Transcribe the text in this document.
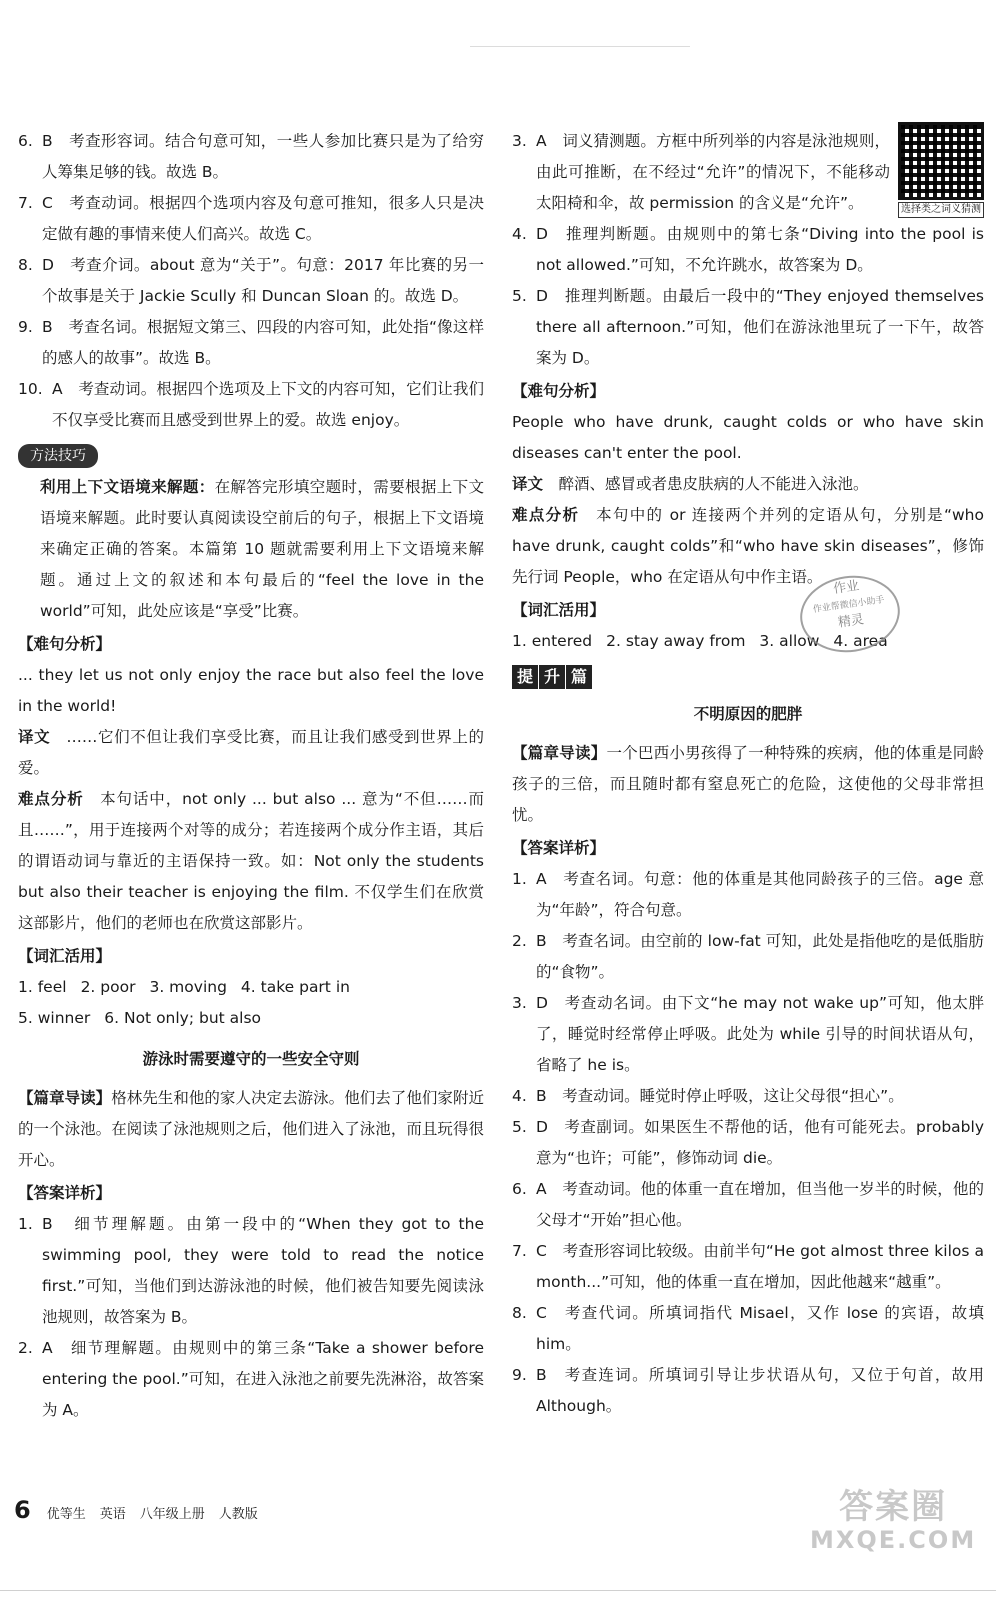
6. B　考查形容词。结合句意可知，一些人参加比赛只是为了给穷人筹集足够的钱。故选 B。
7. C　考查动词。根据四个选项内容及句意可推知，很多人只是决定做有趣的事情来使人们高兴。故选 C。
8. D　考查介词。about 意为“关于”。句意：2017 年比赛的另一个故事是关于 Jackie Scully 和 Duncan Sloan 的。故选 D。
9. B　考查名词。根据短文第三、四段的内容可知，此处指“像这样的感人的故事”。故选 B。
10. A　考查动词。根据四个选项及上下文的内容可知，它们让我们不仅享受比赛而且感受到世界上的爱。故选 enjoy。
方法技巧
利用上下文语境来解题：在解答完形填空题时，需要根据上下文语境来解题。此时要认真阅读设空前后的句子，根据上下文语境来确定正确的答案。本篇第 10 题就需要利用上下文语境来解题。通过上文的叙述和本句最后的“feel the love in the world”可知，此处应该是“享受”比赛。
【难句分析】
... they let us not only enjoy the race but also feel the love in the world!
译文　 ……它们不但让我们享受比赛，而且让我们感受到世界上的爱。
难点分析　 本句话中，not only ... but also ... 意为“不但……而且……”，用于连接两个对等的成分；若连接两个成分作主语，其后的谓语动词与靠近的主语保持一致。如：Not only the students but also their teacher is enjoying the film. 不仅学生们在欣赏这部影片，他们的老师也在欣赏这部影片。
【词汇活用】
1. feel 2. poor 3. moving 4. take part in
5. winner 6. Not only; but also
游泳时需要遵守的一些安全守则
【篇章导读】格林先生和他的家人决定去游泳。他们去了他们家附近的一个泳池。在阅读了泳池规则之后，他们进入了泳池，而且玩得很开心。
【答案详析】
1. B　细节理解题。由第一段中的“When they got to the swimming pool, they were told to read the notice first.”可知，当他们到达游泳池的时候，他们被告知要先阅读泳池规则，故答案为 B。
2. A　细节理解题。由规则中的第三条“Take a shower before entering the pool.”可知，在进入泳池之前要先洗淋浴，故答案为 A。
选择类之词义猜测
3. A　词义猜测题。方框中所列举的内容是泳池规则，由此可推断，在不经过“允许”的情况下，不能移动太阳椅和伞，故 permission 的含义是“允许”。
4. D　推理判断题。由规则中的第七条“Diving into the pool is not allowed.”可知，不允许跳水，故答案为 D。
5. D　推理判断题。由最后一段中的“They enjoyed themselves there all afternoon.”可知，他们在游泳池里玩了一下午，故答案为 D。
【难句分析】
People who have drunk, caught colds or who have skin diseases can't enter the pool.
译文　 醉酒、感冒或者患皮肤病的人不能进入泳池。
难点分析　 本句中的 or 连接两个并列的定语从句，分别是“who have drunk, caught colds”和“who have skin diseases”，修饰先行词 People，who 在定语从句中作主语。
【词汇活用】
1. entered 2. stay away from 3. allow 4. area
提 升 篇
不明原因的肥胖
【篇章导读】一个巴西小男孩得了一种特殊的疾病，他的体重是同龄孩子的三倍，而且随时都有窒息死亡的危险，这使他的父母非常担忧。
【答案详析】
1. A　考查名词。句意：他的体重是其他同龄孩子的三倍。age 意为“年龄”，符合句意。
2. B　考查名词。由空前的 low-fat 可知，此处是指他吃的是低脂肪的“食物”。
3. D　考查动名词。由下文“he may not wake up”可知，他太胖了，睡觉时经常停止呼吸。此处为 while 引导的时间状语从句，省略了 he is。
4. B　考查动词。睡觉时停止呼吸，这让父母很“担心”。
5. D　考查副词。如果医生不帮他的话，他有可能死去。probably 意为“也许；可能”，修饰动词 die。
6. A　考查动词。他的体重一直在增加，但当他一岁半的时候，他的父母才“开始”担心他。
7. C　考查形容词比较级。由前半句“He got almost three kilos a month...”可知，他的体重一直在增加，因此他越来“越重”。
8. C　考查代词。所填词指代 Misael，又作 lose 的宾语，故填 him。
9. B　考查连词。所填词引导让步状语从句，又位于句首，故用 Although。
作业
作业帮微信小助手
精灵
6 优等生 英语 八年级上册 人教版	答案圈
MXQE.COM
